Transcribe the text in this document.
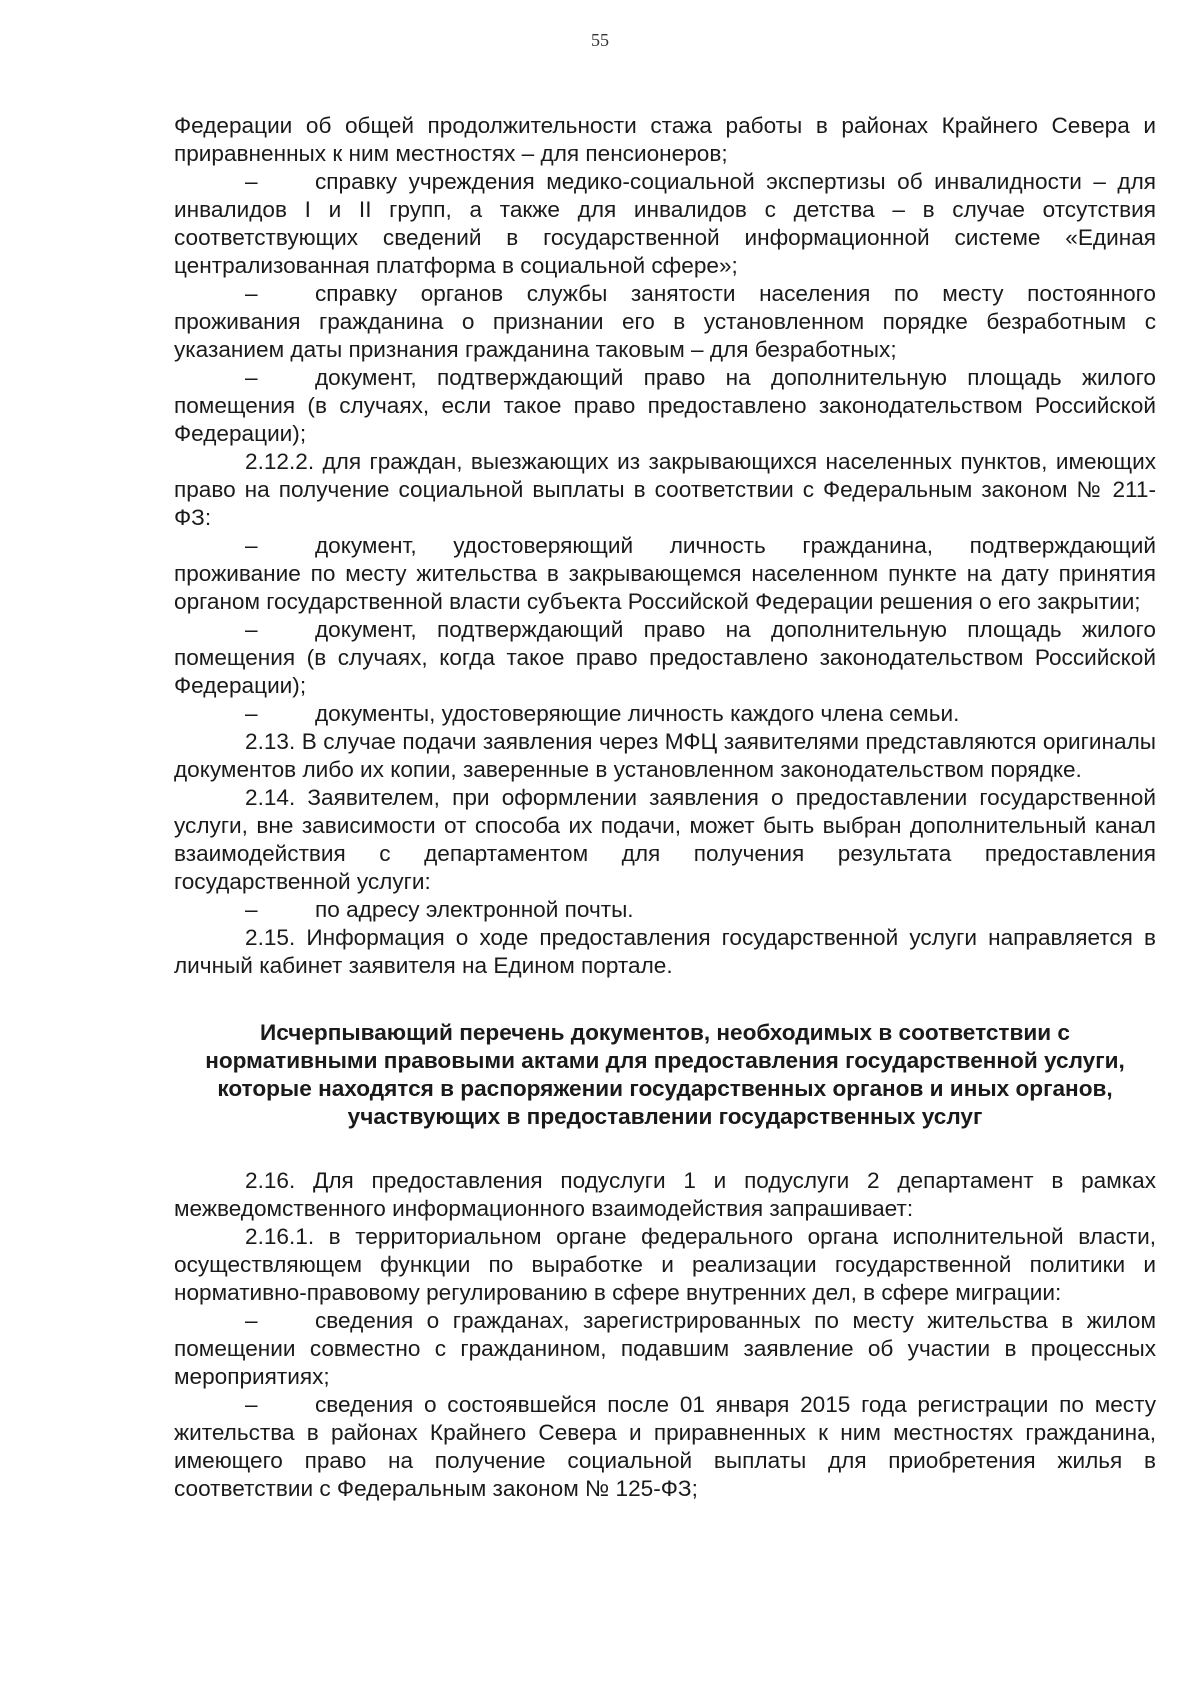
55

Федерации об общей продолжительности стажа работы в районах Крайнего Севера и приравненных к ним местностях – для пенсионеров;

–	справку учреждения медико-социальной экспертизы об инвалидности – для инвалидов I и II групп, а также для инвалидов с детства – в случае отсутствия соответствующих сведений в государственной информационной системе «Единая централизованная платформа в социальной сфере»;

–	справку органов службы занятости населения по месту постоянного проживания гражданина о признании его в установленном порядке безработным с указанием даты признания гражданина таковым – для безработных;

–	документ, подтверждающий право на дополнительную площадь жилого помещения (в случаях, если такое право предоставлено законодательством Российской Федерации);

2.12.2. для граждан, выезжающих из закрывающихся населенных пунктов, имеющих право на получение социальной выплаты в соответствии с Федеральным законом № 211-ФЗ:

–	документ, удостоверяющий личность гражданина, подтверждающий проживание по месту жительства в закрывающемся населенном пункте на дату принятия органом государственной власти субъекта Российской Федерации решения о его закрытии;

–	документ, подтверждающий право на дополнительную площадь жилого помещения (в случаях, когда такое право предоставлено законодательством Российской Федерации);

–	документы, удостоверяющие личность каждого члена семьи.

2.13. В случае подачи заявления через МФЦ заявителями представляются оригиналы документов либо их копии, заверенные в установленном законодательством порядке.

2.14. Заявителем, при оформлении заявления о предоставлении государственной услуги, вне зависимости от способа их подачи, может быть выбран дополнительный канал взаимодействия с департаментом для получения результата предоставления государственной услуги:

–	по адресу электронной почты.

2.15. Информация о ходе предоставления государственной услуги направляется в личный кабинет заявителя на Едином портале.

Исчерпывающий перечень документов, необходимых в соответствии с нормативными правовыми актами для предоставления государственной услуги, которые находятся в распоряжении государственных органов и иных органов, участвующих в предоставлении государственных услуг

2.16. Для предоставления подуслуги 1 и подуслуги 2 департамент в рамках межведомственного информационного взаимодействия запрашивает:

2.16.1. в территориальном органе федерального органа исполнительной власти, осуществляющем функции по выработке и реализации государственной политики и нормативно-правовому регулированию в сфере внутренних дел, в сфере миграции:

–	сведения о гражданах, зарегистрированных по месту жительства в жилом помещении совместно с гражданином, подавшим заявление об участии в процессных мероприятиях;

–	сведения о состоявшейся после 01 января 2015 года регистрации по месту жительства в районах Крайнего Севера и приравненных к ним местностях гражданина, имеющего право на получение социальной выплаты для приобретения жилья в соответствии с Федеральным законом № 125-ФЗ;
